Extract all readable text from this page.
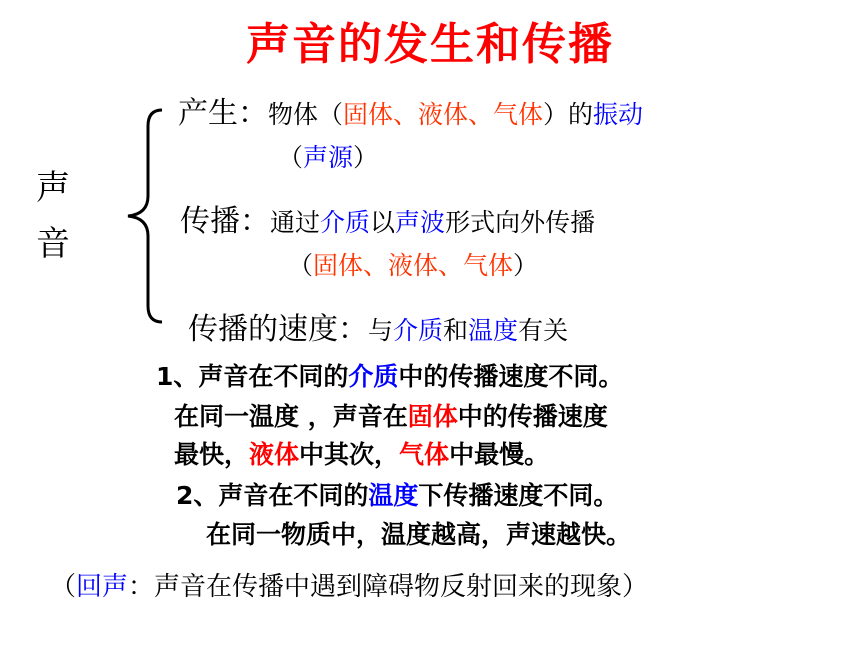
声音的发生和传播
声
音
产生：物体（固体、液体、气体）的振动
（声源）
传播：通过介质以声波形式向外传播
（固体、液体、气体）
传播的速度：与介质和温度有关
1、声音在不同的介质中的传播速度不同。
在同一温度 ，声音在固体中的传播速度
最快，液体中其次，气体中最慢。
2、声音在不同的温度下传播速度不同。
在同一物质中，温度越高，声速越快。
（回声：声音在传播中遇到障碍物反射回来的现象）
